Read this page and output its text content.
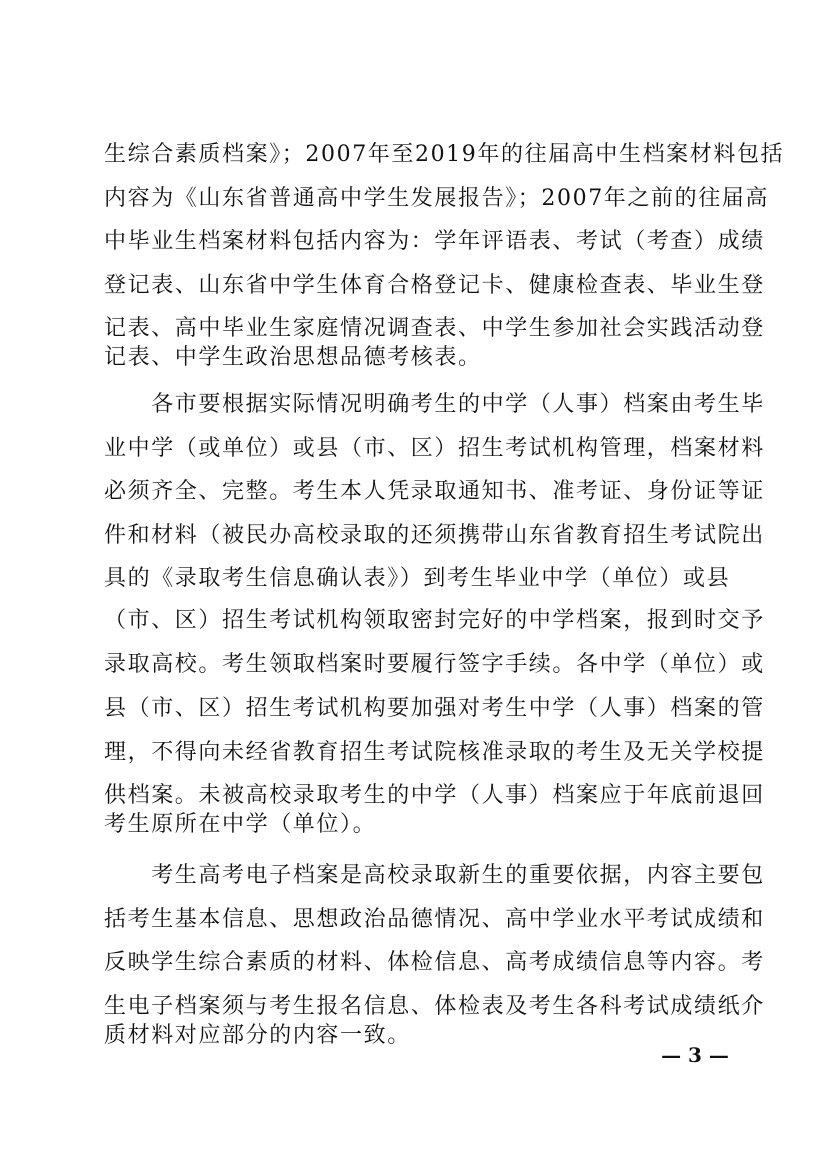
生综合素质档案》；2007年至2019年的往届高中生档案材料包括
内容为《山东省普通高中学生发展报告》；2007年之前的往届高
中毕业生档案材料包括内容为：学年评语表、考试（考查）成绩
登记表、山东省中学生体育合格登记卡、健康检查表、毕业生登
记表、高中毕业生家庭情况调查表、中学生参加社会实践活动登
记表、中学生政治思想品德考核表。
　　各市要根据实际情况明确考生的中学（人事）档案由考生毕
业中学（或单位）或县（市、区）招生考试机构管理，档案材料
必须齐全、完整。考生本人凭录取通知书、准考证、身份证等证
件和材料（被民办高校录取的还须携带山东省教育招生考试院出
具的《录取考生信息确认表》）到考生毕业中学（单位）或县
（市、区）招生考试机构领取密封完好的中学档案，报到时交予
录取高校。考生领取档案时要履行签字手续。各中学（单位）或
县（市、区）招生考试机构要加强对考生中学（人事）档案的管
理，不得向未经省教育招生考试院核准录取的考生及无关学校提
供档案。未被高校录取考生的中学（人事）档案应于年底前退回
考生原所在中学（单位）。
　　考生高考电子档案是高校录取新生的重要依据，内容主要包
括考生基本信息、思想政治品德情况、高中学业水平考试成绩和
反映学生综合素质的材料、体检信息、高考成绩信息等内容。考
生电子档案须与考生报名信息、体检表及考生各科考试成绩纸介
质材料对应部分的内容一致。
— 3 —
